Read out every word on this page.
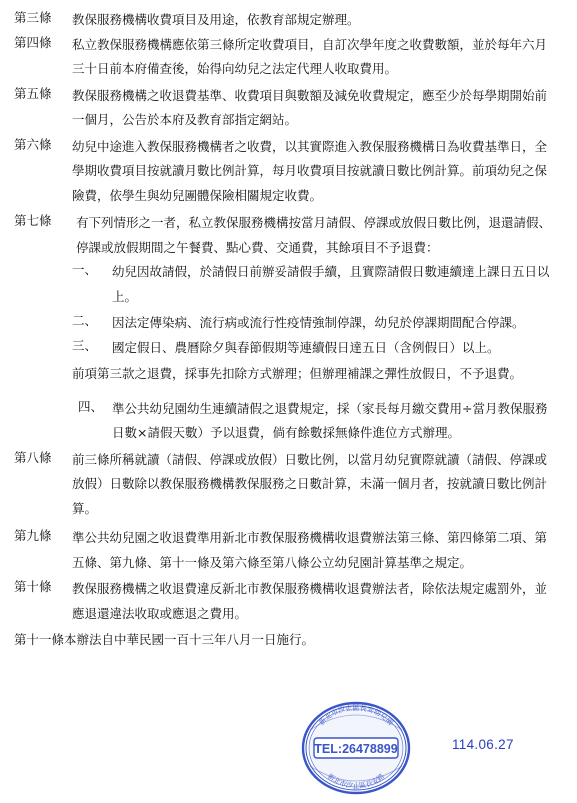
第三條 教保服務機構收費項目及用途，依教育部規定辦理。
第四條 私立教保服務機構應依第三條所定收費項目，自訂次學年度之收費數額，並於每年六月三十日前本府備查後，始得向幼兒之法定代理人收取費用。
第五條 教保服務機構之收退費基準、收費項目與數額及減免收費規定，應至少於每學期開始前一個月，公告於本府及教育部指定網站。
第六條 幼兒中途進入教保服務機構者之收費，以其實際進入教保服務機構日為收費基準日，全學期收費項目按就讀月數比例計算，每月收費項目按就讀日數比例計算。前項幼兒之保險費，依學生與幼兒團體保險相關規定收費。
第七條 有下列情形之一者，私立教保服務機構按當月請假、停課或放假日數比例，退還請假、停課或放假期間之午餐費、點心費、交通費，其餘項目不予退費：
一、 幼兒因故請假，於請假日前辦妥請假手續，且實際請假日數連續達上課日五日以上。
二、 因法定傳染病、流行病或流行性疫情強制停課，幼兒於停課期間配合停課。
三、 國定假日、農曆除夕與春節假期等連續假日達五日（含例假日）以上。
前項第三款之退費，採事先扣除方式辦理；但辦理補課之彈性放假日，不予退費。
四、 準公共幼兒園幼生連續請假之退費規定，採（家長每月繳交費用÷當月教保服務日數×請假天數）予以退費，倘有餘數採無條件進位方式辦理。
第八條 前三條所稱就讀（請假、停課或放假）日數比例，以當月幼兒實際就讀（請假、停課或放假）日數除以教保服務機構教保服務之日數計算，未滿一個月者，按就讀日數比例計算。
第九條 準公共幼兒園之收退費準用新北市教保服務機構收退費辦法第三條、第四條第二項、第五條、第九條、第十一條及第六條至第八條公立幼兒園計算基準之規定。
第十條 教保服務機構之收退費違反新北市教保服務機構收退費辦法者，除依法規定處罰外，並應退還違法收取或應退之費用。
第十一條本辦法自中華民國一百十三年八月一日施行。
新北市汐止區長安幼兒園
TEL:26478899
新北市汐止區長安路
114.06.27
